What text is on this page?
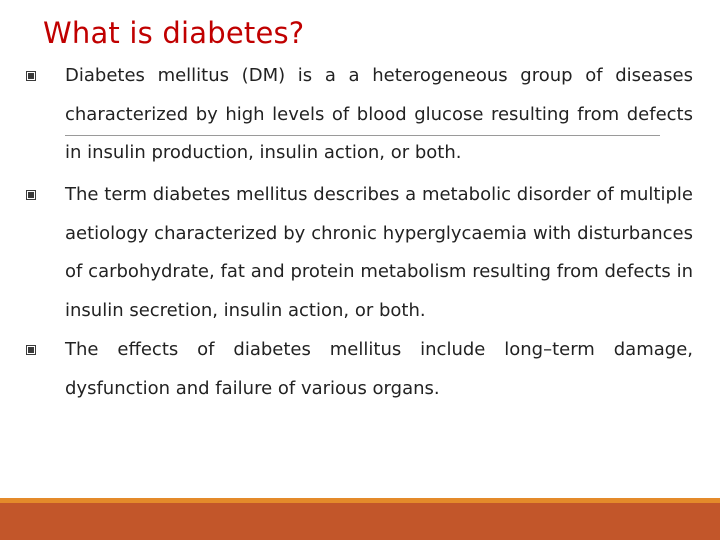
What is diabetes?
Diabetes mellitus (DM) is a a heterogeneous group of diseases characterized by high levels of blood glucose resulting from defects in insulin production, insulin action, or both.
The term diabetes mellitus describes a metabolic disorder of multiple aetiology characterized by chronic hyperglycaemia with disturbances of carbohydrate, fat and protein metabolism resulting from defects in insulin secretion, insulin action, or both.
The effects of diabetes mellitus include long–term damage, dysfunction and failure of various organs.
